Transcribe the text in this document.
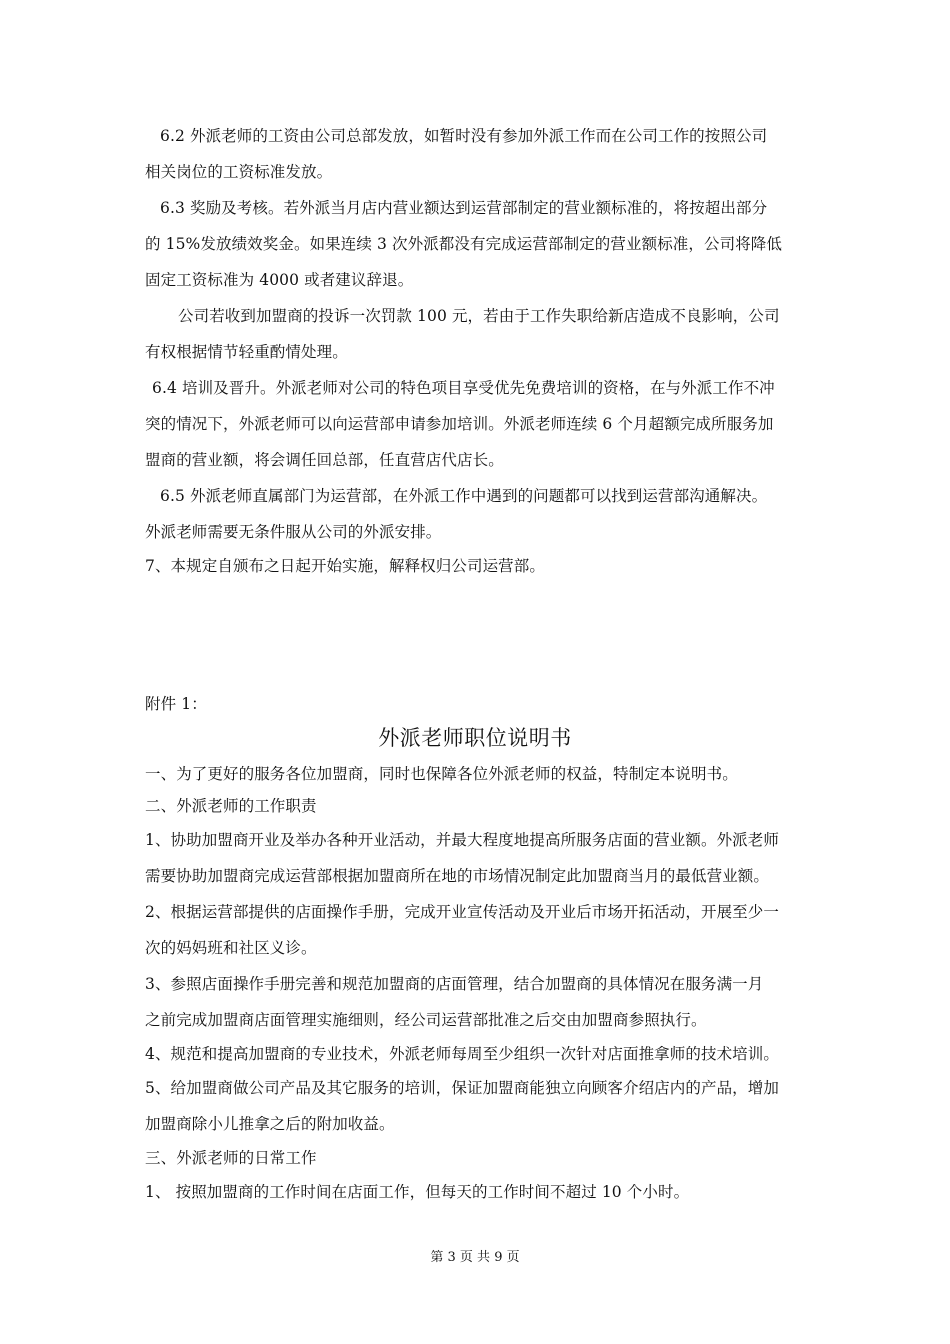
6.2 外派老师的工资由公司总部发放，如暂时没有参加外派工作而在公司工作的按照公司
相关岗位的工资标准发放。
6.3 奖励及考核。若外派当月店内营业额达到运营部制定的营业额标准的，将按超出部分
的 15%发放绩效奖金。如果连续 3 次外派都没有完成运营部制定的营业额标准，公司将降低
固定工资标准为 4000 或者建议辞退。
公司若收到加盟商的投诉一次罚款 100 元，若由于工作失职给新店造成不良影响，公司
有权根据情节轻重酌情处理。
6.4 培训及晋升。外派老师对公司的特色项目享受优先免费培训的资格，在与外派工作不冲
突的情况下，外派老师可以向运营部申请参加培训。外派老师连续 6 个月超额完成所服务加
盟商的营业额，将会调任回总部，任直营店代店长。
6.5 外派老师直属部门为运营部，在外派工作中遇到的问题都可以找到运营部沟通解决。
外派老师需要无条件服从公司的外派安排。
7、本规定自颁布之日起开始实施，解释权归公司运营部。
附件 1：
外派老师职位说明书
一、为了更好的服务各位加盟商，同时也保障各位外派老师的权益，特制定本说明书。
二、外派老师的工作职责
1、协助加盟商开业及举办各种开业活动，并最大程度地提高所服务店面的营业额。外派老师
需要协助加盟商完成运营部根据加盟商所在地的市场情况制定此加盟商当月的最低营业额。
2、根据运营部提供的店面操作手册，完成开业宣传活动及开业后市场开拓活动，开展至少一
次的妈妈班和社区义诊。
3、参照店面操作手册完善和规范加盟商的店面管理，结合加盟商的具体情况在服务满一月
之前完成加盟商店面管理实施细则，经公司运营部批准之后交由加盟商参照执行。
4、规范和提高加盟商的专业技术，外派老师每周至少组织一次针对店面推拿师的技术培训。
5、给加盟商做公司产品及其它服务的培训，保证加盟商能独立向顾客介绍店内的产品，增加
加盟商除小儿推拿之后的附加收益。
三、外派老师的日常工作
1、 按照加盟商的工作时间在店面工作，但每天的工作时间不超过 10 个小时。
第 3 页 共 9 页
